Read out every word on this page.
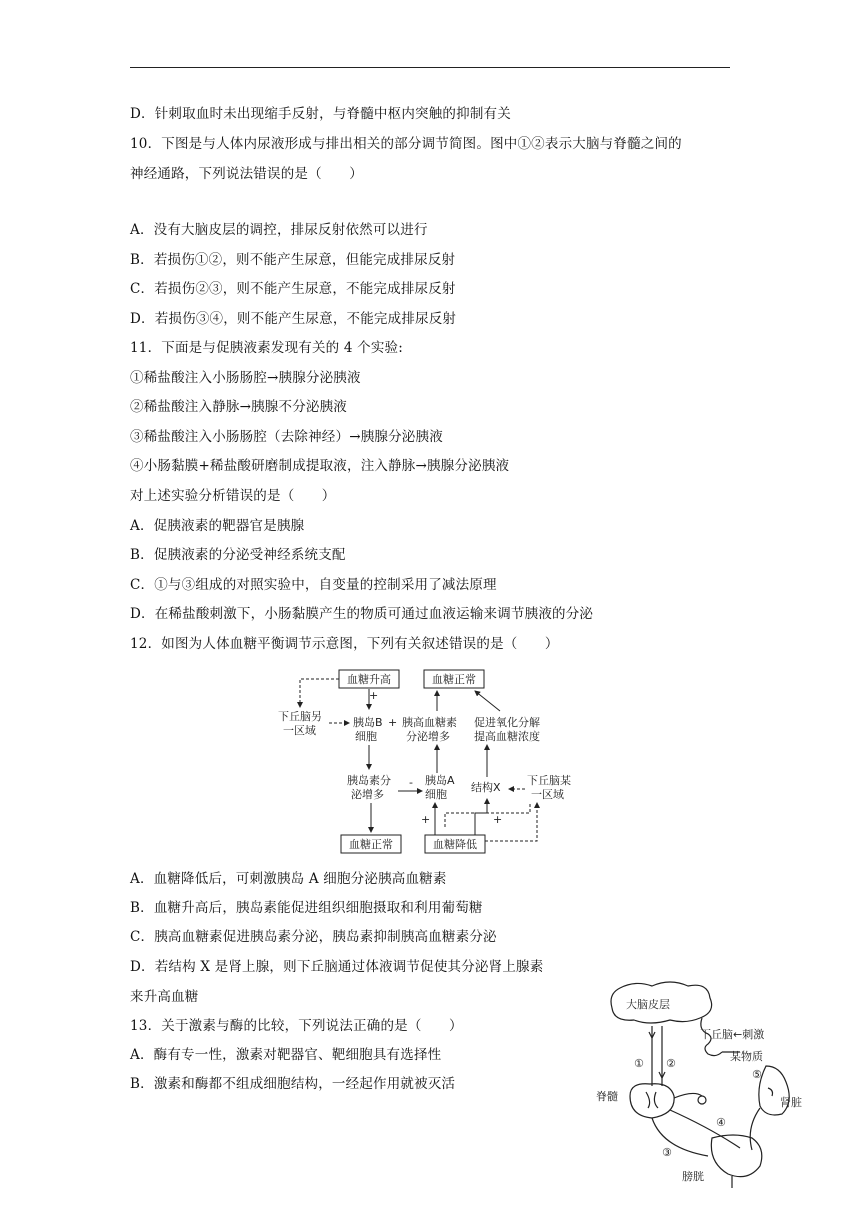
D．针刺取血时未出现缩手反射，与脊髓中枢内突触的抑制有关
10．下图是与人体内尿液形成与排出相关的部分调节简图。图中①②表示大脑与脊髓之间的
神经通路，下列说法错误的是（　　）
A．没有大脑皮层的调控，排尿反射依然可以进行
B．若损伤①②，则不能产生尿意，但能完成排尿反射
C．若损伤②③，则不能产生尿意，不能完成排尿反射
D．若损伤③④，则不能产生尿意，不能完成排尿反射
11．下面是与促胰液素发现有关的 4 个实验:
①稀盐酸注入小肠肠腔→胰腺分泌胰液
②稀盐酸注入静脉→胰腺不分泌胰液
③稀盐酸注入小肠肠腔（去除神经）→胰腺分泌胰液
④小肠黏膜+稀盐酸研磨制成提取液，注入静脉→胰腺分泌胰液
对上述实验分析错误的是（　　）
A．促胰液素的靶器官是胰腺
B．促胰液素的分泌受神经系统支配
C．①与③组成的对照实验中，自变量的控制采用了减法原理
D．在稀盐酸刺激下，小肠黏膜产生的物质可通过血液运输来调节胰液的分泌
12．如图为人体血糖平衡调节示意图，下列有关叙述错误的是（　　）
A．血糖降低后，可刺激胰岛 A 细胞分泌胰高血糖素
B．血糖升高后，胰岛素能促进组织细胞摄取和利用葡萄糖
C．胰高血糖素促进胰岛素分泌，胰岛素抑制胰高血糖素分泌
D．若结构 X 是肾上腺，则下丘脑通过体液调节促使其分泌肾上腺素
来升高血糖
13．关于激素与酶的比较，下列说法正确的是（　　）
A．酶有专一性，激素对靶器官、靶细胞具有选择性
B．激素和酶都不组成细胞结构，一经起作用就被灭活
血糖升高	血糖正常
下丘脑另
一区域
胰岛B
细胞
+ 胰高血糖素
分泌增多
促进氧化分解
提高血糖浓度
胰岛素分
泌增多
- 胰岛A
细胞
结构X
下丘脑某
一区域
+	+
+
血糖正常	血糖降低
大脑皮层
下丘脑←刺激
某物质
① ②
脊髓
⑤
肾脏
④
③
膀胱
